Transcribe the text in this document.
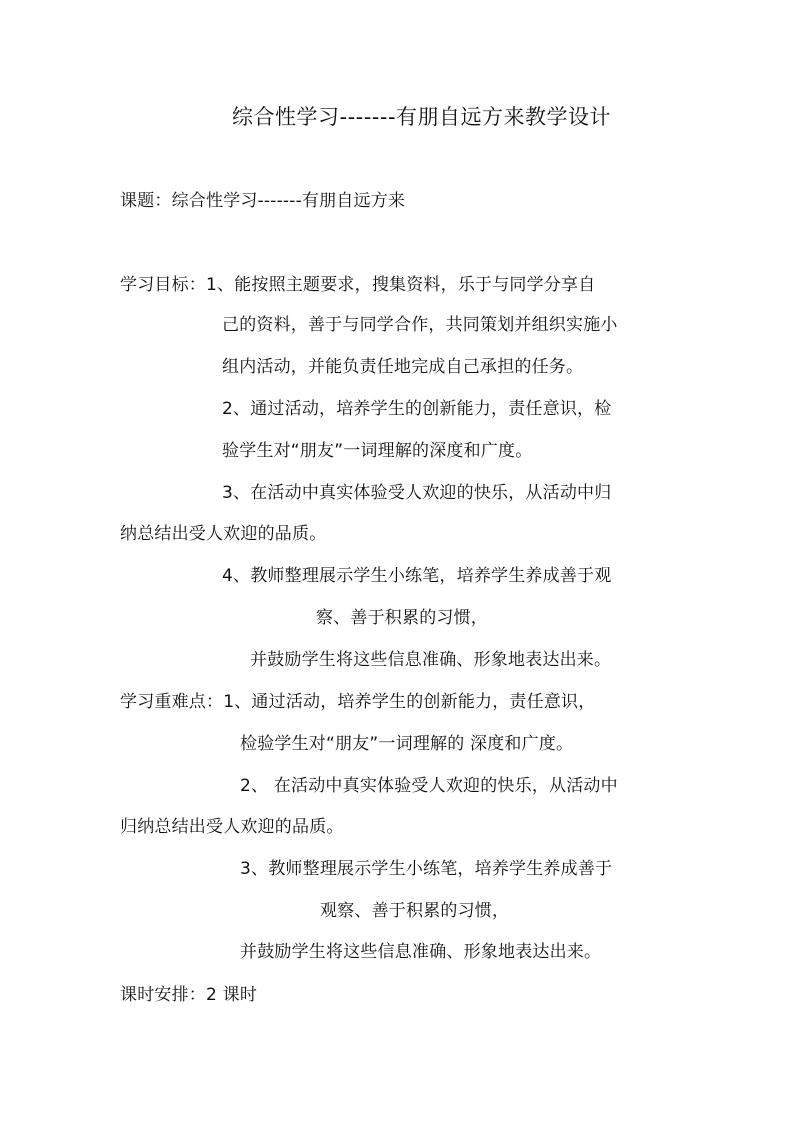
综合性学习-------有朋自远方来教学设计
课题：综合性学习-------有朋自远方来
学习目标：1、能按照主题要求，搜集资料，乐于与同学分享自
己的资料，善于与同学合作，共同策划并组织实施小
组内活动，并能负责任地完成自己承担的任务。
2、通过活动，培养学生的创新能力，责任意识，检
验学生对“朋友”一词理解的深度和广度。
3、在活动中真实体验受人欢迎的快乐，从活动中归
纳总结出受人欢迎的品质。
4、教师整理展示学生小练笔，培养学生养成善于观
察、善于积累的习惯，
并鼓励学生将这些信息准确、形象地表达出来。
学习重难点：1、通过活动，培养学生的创新能力，责任意识，
检验学生对“朋友”一词理解的 深度和广度。
2、 在活动中真实体验受人欢迎的快乐，从活动中
归纳总结出受人欢迎的品质。
3、教师整理展示学生小练笔，培养学生养成善于
观察、善于积累的习惯，
并鼓励学生将这些信息准确、形象地表达出来。
课时安排：2 课时
